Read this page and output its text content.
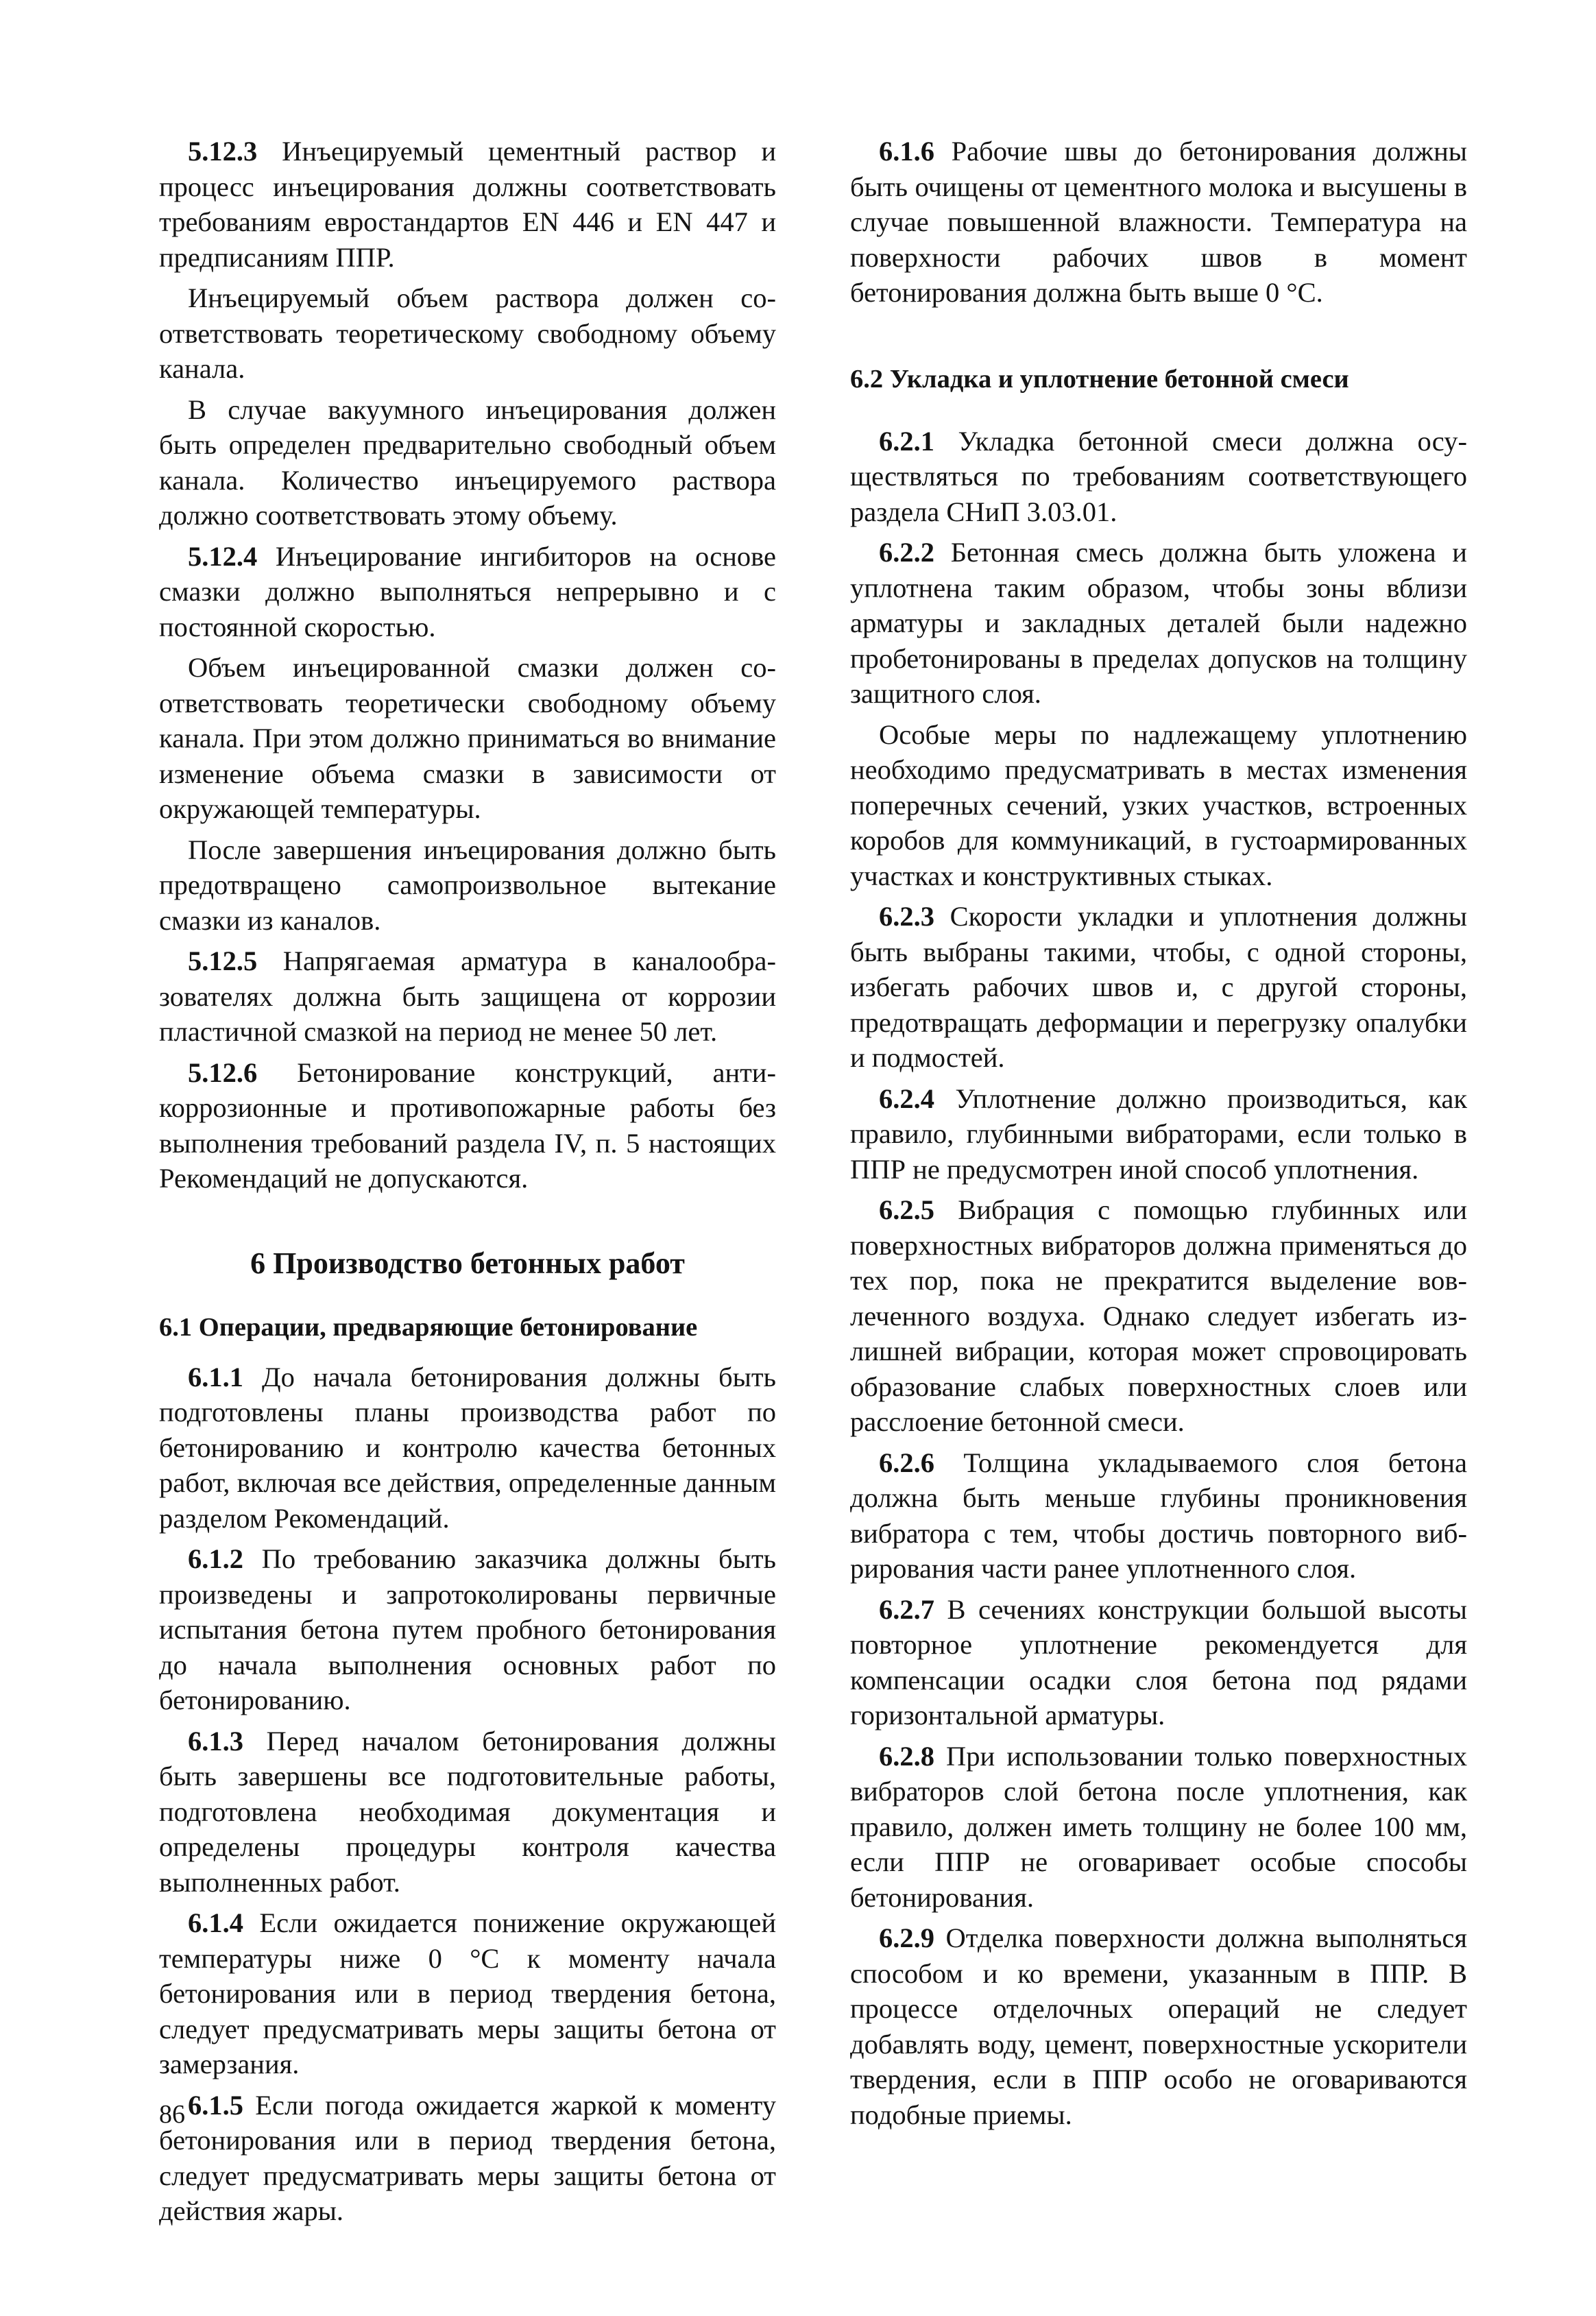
5.12.3 Инъецируемый цементный раствор и процесс инъецирования должны соответствовать требованиям евростандартов EN 446 и EN 447 и предписаниям ППР.

Инъецируемый объем раствора должен соответствовать теоретическому свободному объему канала.

В случае вакуумного инъецирования должен быть определен предварительно свободный объем канала. Количество инъецируемого раствора должно соответствовать этому объему.

5.12.4 Инъецирование ингибиторов на основе смазки должно выполняться непрерывно и с постоянной скоростью.

Объем инъецированной смазки должен соответствовать теоретически свободному объему канала. При этом должно приниматься во внимание изменение объема смазки в зависимости от окружающей температуры.

После завершения инъецирования должно быть предотвращено самопроизвольное вытекание смазки из каналов.

5.12.5 Напрягаемая арматура в каналообразователях должна быть защищена от коррозии пластичной смазкой на период не менее 50 лет.

5.12.6 Бетонирование конструкций, антикоррозионные и противопожарные работы без выполнения требований раздела IV, п. 5 настоящих Рекомендаций не допускаются.

6 Производство бетонных работ
6.1 Операции, предваряющие бетонирование

6.1.1 До начала бетонирования должны быть подготовлены планы производства работ по бетонированию и контролю качества бетонных работ, включая все действия, определенные данным разделом Рекомендаций.

6.1.2 По требованию заказчика должны быть произведены и запротоколированы первичные испытания бетона путем пробного бетонирования до начала выполнения основных работ по бетонированию.

6.1.3 Перед началом бетонирования должны быть завершены все подготовительные работы, подготовлена необходимая документация и определены процедуры контроля качества выполненных работ.

6.1.4 Если ожидается понижение окружающей температуры ниже 0 °С к моменту начала бетонирования или в период твердения бетона, следует предусматривать меры защиты бетона от замерзания.

6.1.5 Если погода ожидается жаркой к моменту бетонирования или в период твердения бетона, следует предусматривать меры защиты бетона от действия жары.

6.1.6 Рабочие швы до бетонирования должны быть очищены от цементного молока и высушены в случае повышенной влажности. Температура на поверхности рабочих швов в момент бетонирования должна быть выше 0 °С.

6.2 Укладка и уплотнение бетонной смеси

6.2.1 Укладка бетонной смеси должна осуществляться по требованиям соответствующего раздела СНиП 3.03.01.

6.2.2 Бетонная смесь должна быть уложена и уплотнена таким образом, чтобы зоны вблизи арматуры и закладных деталей были надежно пробетонированы в пределах допусков на толщину защитного слоя.

Особые меры по надлежащему уплотнению необходимо предусматривать в местах изменения поперечных сечений, узких участков, встроенных коробов для коммуникаций, в густоармированных участках и конструктивных стыках.

6.2.3 Скорости укладки и уплотнения должны быть выбраны такими, чтобы, с одной стороны, избегать рабочих швов и, с другой стороны, предотвращать деформации и перегрузку опалубки и подмостей.

6.2.4 Уплотнение должно производиться, как правило, глубинными вибраторами, если только в ППР не предусмотрен иной способ уплотнения.

6.2.5 Вибрация с помощью глубинных или поверхностных вибраторов должна применяться до тех пор, пока не прекратится выделение вовлеченного воздуха. Однако следует избегать излишней вибрации, которая может спровоцировать образование слабых поверхностных слоев или расслоение бетонной смеси.

6.2.6 Толщина укладываемого слоя бетона должна быть меньше глубины проникновения вибратора с тем, чтобы достичь повторного вибрирования части ранее уплотненного слоя.

6.2.7 В сечениях конструкции большой высоты повторное уплотнение рекомендуется для компенсации осадки слоя бетона под рядами горизонтальной арматуры.

6.2.8 При использовании только поверхностных вибраторов слой бетона после уплотнения, как правило, должен иметь толщину не более 100 мм, если ППР не оговаривает особые способы бетонирования.

6.2.9 Отделка поверхности должна выполняться способом и ко времени, указанным в ППР. В процессе отделочных операций не следует добавлять воду, цемент, поверхностные ускорители твердения, если в ППР особо не оговариваются подобные приемы.

86
